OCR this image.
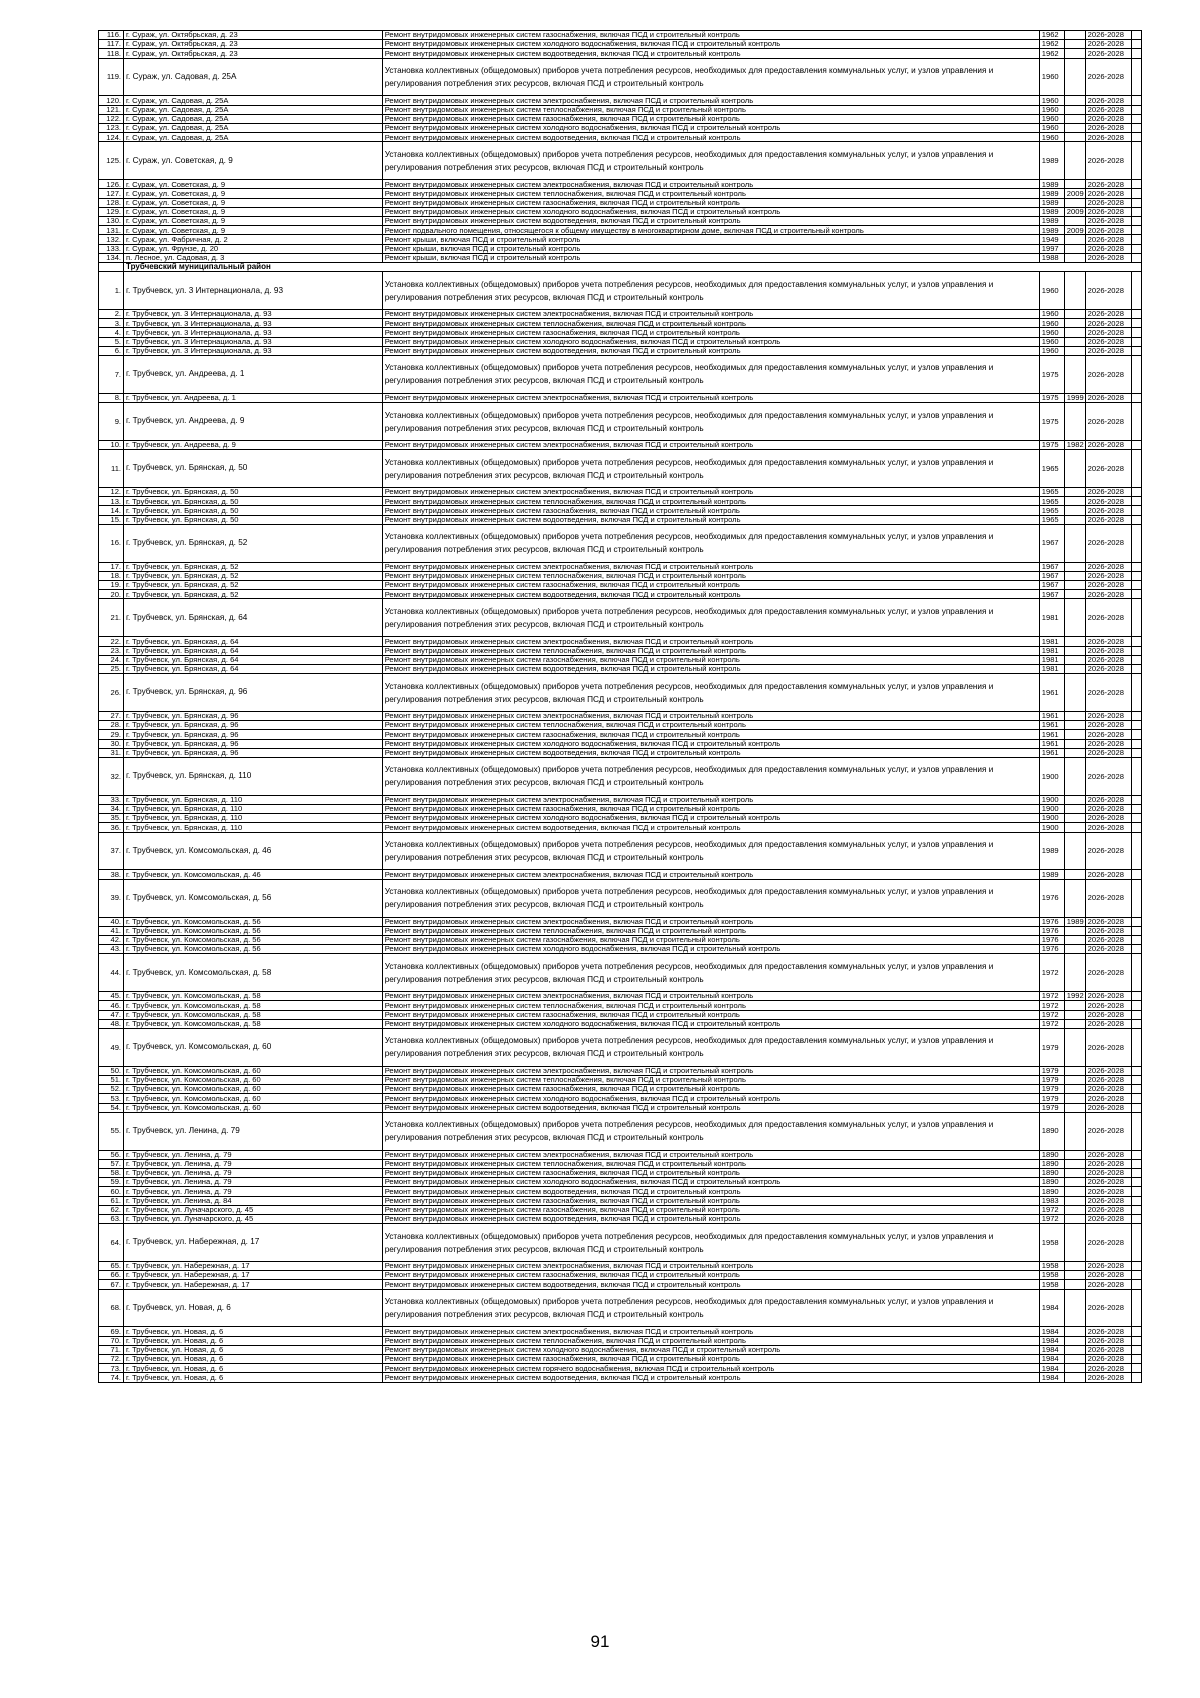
116.	г. Сураж, ул. Октябрьская, д. 23	Ремонт внутридомовых инженерных систем газоснабжения, включая ПСД и строительный контроль	1962		2026-2028	
117.	г. Сураж, ул. Октябрьская, д. 23	Ремонт внутридомовых инженерных систем холодного водоснабжения, включая ПСД и строительный контроль	1962		2026-2028	
118.	г. Сураж, ул. Октябрьская, д. 23	Ремонт внутридомовых инженерных систем водоотведения, включая ПСД и строительный контроль	1962		2026-2028	
119.	г. Сураж, ул. Садовая, д. 25А	Установка коллективных (общедомовых) приборов учета потребления ресурсов, необходимых для предоставления коммунальных услуг, и узлов управления и регулирования потребления этих ресурсов, включая ПСД и строительный контроль	1960		2026-2028	
120.	г. Сураж, ул. Садовая, д. 25А	Ремонт внутридомовых инженерных систем электроснабжения, включая ПСД и строительный контроль	1960		2026-2028	
121.	г. Сураж, ул. Садовая, д. 25А	Ремонт внутридомовых инженерных систем теплоснабжения, включая ПСД и строительный контроль	1960		2026-2028	
122.	г. Сураж, ул. Садовая, д. 25А	Ремонт внутридомовых инженерных систем газоснабжения, включая ПСД и строительный контроль	1960		2026-2028	
123.	г. Сураж, ул. Садовая, д. 25А	Ремонт внутридомовых инженерных систем холодного водоснабжения, включая ПСД и строительный контроль	1960		2026-2028	
124.	г. Сураж, ул. Садовая, д. 25А	Ремонт внутридомовых инженерных систем водоотведения, включая ПСД и строительный контроль	1960		2026-2028	
125.	г. Сураж, ул. Советская, д. 9	Установка коллективных (общедомовых) приборов учета потребления ресурсов, необходимых для предоставления коммунальных услуг, и узлов управления и регулирования потребления этих ресурсов, включая ПСД и строительный контроль	1989		2026-2028	
126.	г. Сураж, ул. Советская, д. 9	Ремонт внутридомовых инженерных систем электроснабжения, включая ПСД и строительный контроль	1989		2026-2028	
127.	г. Сураж, ул. Советская, д. 9	Ремонт внутридомовых инженерных систем теплоснабжения, включая ПСД и строительный контроль	1989	2009	2026-2028	
128.	г. Сураж, ул. Советская, д. 9	Ремонт внутридомовых инженерных систем газоснабжения, включая ПСД и строительный контроль	1989		2026-2028	
129.	г. Сураж, ул. Советская, д. 9	Ремонт внутридомовых инженерных систем холодного водоснабжения, включая ПСД и строительный контроль	1989	2009	2026-2028	
130.	г. Сураж, ул. Советская, д. 9	Ремонт внутридомовых инженерных систем водоотведения, включая ПСД и строительный контроль	1989		2026-2028	
131.	г. Сураж, ул. Советская, д. 9	Ремонт подвального помещения, относящегося к общему имуществу в многоквартирном доме, включая ПСД и строительный контроль	1989	2009	2026-2028	
132.	г. Сураж, ул. Фабричная, д. 2	Ремонт крыши, включая ПСД и строительный контроль	1949		2026-2028	
133.	г. Сураж, ул. Фрунзе, д. 20	Ремонт крыши, включая ПСД и строительный контроль	1997		2026-2028	
134.	п. Лесное, ул. Садовая, д. 3	Ремонт крыши, включая ПСД и строительный контроль	1988		2026-2028	
	Трубчевский муниципальный район					
1.	г. Трубчевск, ул. 3 Интернационала, д. 93	Установка коллективных (общедомовых) приборов учета потребления ресурсов, необходимых для предоставления коммунальных услуг, и узлов управления и регулирования потребления этих ресурсов, включая ПСД и строительный контроль	1960		2026-2028	
2.	г. Трубчевск, ул. 3 Интернационала, д. 93	Ремонт внутридомовых инженерных систем электроснабжения, включая ПСД и строительный контроль	1960		2026-2028	
3.	г. Трубчевск, ул. 3 Интернационала, д. 93	Ремонт внутридомовых инженерных систем теплоснабжения, включая ПСД и строительный контроль	1960		2026-2028	
4.	г. Трубчевск, ул. 3 Интернационала, д. 93	Ремонт внутридомовых инженерных систем газоснабжения, включая ПСД и строительный контроль	1960		2026-2028	
5.	г. Трубчевск, ул. 3 Интернационала, д. 93	Ремонт внутридомовых инженерных систем холодного водоснабжения, включая ПСД и строительный контроль	1960		2026-2028	
6.	г. Трубчевск, ул. 3 Интернационала, д. 93	Ремонт внутридомовых инженерных систем водоотведения, включая ПСД и строительный контроль	1960		2026-2028	
7.	г. Трубчевск, ул. Андреева, д. 1	Установка коллективных (общедомовых) приборов учета потребления ресурсов, необходимых для предоставления коммунальных услуг, и узлов управления и регулирования потребления этих ресурсов, включая ПСД и строительный контроль	1975		2026-2028	
8.	г. Трубчевск, ул. Андреева, д. 1	Ремонт внутридомовых инженерных систем электроснабжения, включая ПСД и строительный контроль	1975	1999	2026-2028	
9.	г. Трубчевск, ул. Андреева, д. 9	Установка коллективных (общедомовых) приборов учета потребления ресурсов, необходимых для предоставления коммунальных услуг, и узлов управления и регулирования потребления этих ресурсов, включая ПСД и строительный контроль	1975		2026-2028	
10.	г. Трубчевск, ул. Андреева, д. 9	Ремонт внутридомовых инженерных систем электроснабжения, включая ПСД и строительный контроль	1975	1982	2026-2028	
11.	г. Трубчевск, ул. Брянская, д. 50	Установка коллективных (общедомовых) приборов учета потребления ресурсов, необходимых для предоставления коммунальных услуг, и узлов управления и регулирования потребления этих ресурсов, включая ПСД и строительный контроль	1965		2026-2028	
12.	г. Трубчевск, ул. Брянская, д. 50	Ремонт внутридомовых инженерных систем электроснабжения, включая ПСД и строительный контроль	1965		2026-2028	
13.	г. Трубчевск, ул. Брянская, д. 50	Ремонт внутридомовых инженерных систем теплоснабжения, включая ПСД и строительный контроль	1965		2026-2028	
14.	г. Трубчевск, ул. Брянская, д. 50	Ремонт внутридомовых инженерных систем газоснабжения, включая ПСД и строительный контроль	1965		2026-2028	
15.	г. Трубчевск, ул. Брянская, д. 50	Ремонт внутридомовых инженерных систем водоотведения, включая ПСД и строительный контроль	1965		2026-2028	
16.	г. Трубчевск, ул. Брянская, д. 52	Установка коллективных (общедомовых) приборов учета потребления ресурсов, необходимых для предоставления коммунальных услуг, и узлов управления и регулирования потребления этих ресурсов, включая ПСД и строительный контроль	1967		2026-2028	
17.	г. Трубчевск, ул. Брянская, д. 52	Ремонт внутридомовых инженерных систем электроснабжения, включая ПСД и строительный контроль	1967		2026-2028	
18.	г. Трубчевск, ул. Брянская, д. 52	Ремонт внутридомовых инженерных систем теплоснабжения, включая ПСД и строительный контроль	1967		2026-2028	
19.	г. Трубчевск, ул. Брянская, д. 52	Ремонт внутридомовых инженерных систем газоснабжения, включая ПСД и строительный контроль	1967		2026-2028	
20.	г. Трубчевск, ул. Брянская, д. 52	Ремонт внутридомовых инженерных систем водоотведения, включая ПСД и строительный контроль	1967		2026-2028	
21.	г. Трубчевск, ул. Брянская, д. 64	Установка коллективных (общедомовых) приборов учета потребления ресурсов, необходимых для предоставления коммунальных услуг, и узлов управления и регулирования потребления этих ресурсов, включая ПСД и строительный контроль	1981		2026-2028	
22.	г. Трубчевск, ул. Брянская, д. 64	Ремонт внутридомовых инженерных систем электроснабжения, включая ПСД и строительный контроль	1981		2026-2028	
23.	г. Трубчевск, ул. Брянская, д. 64	Ремонт внутридомовых инженерных систем теплоснабжения, включая ПСД и строительный контроль	1981		2026-2028	
24.	г. Трубчевск, ул. Брянская, д. 64	Ремонт внутридомовых инженерных систем газоснабжения, включая ПСД и строительный контроль	1981		2026-2028	
25.	г. Трубчевск, ул. Брянская, д. 64	Ремонт внутридомовых инженерных систем водоотведения, включая ПСД и строительный контроль	1981		2026-2028	
26.	г. Трубчевск, ул. Брянская, д. 96	Установка коллективных (общедомовых) приборов учета потребления ресурсов, необходимых для предоставления коммунальных услуг, и узлов управления и регулирования потребления этих ресурсов, включая ПСД и строительный контроль	1961		2026-2028	
27.	г. Трубчевск, ул. Брянская, д. 96	Ремонт внутридомовых инженерных систем электроснабжения, включая ПСД и строительный контроль	1961		2026-2028	
28.	г. Трубчевск, ул. Брянская, д. 96	Ремонт внутридомовых инженерных систем теплоснабжения, включая ПСД и строительный контроль	1961		2026-2028	
29.	г. Трубчевск, ул. Брянская, д. 96	Ремонт внутридомовых инженерных систем газоснабжения, включая ПСД и строительный контроль	1961		2026-2028	
30.	г. Трубчевск, ул. Брянская, д. 96	Ремонт внутридомовых инженерных систем холодного водоснабжения, включая ПСД и строительный контроль	1961		2026-2028	
31.	г. Трубчевск, ул. Брянская, д. 96	Ремонт внутридомовых инженерных систем водоотведения, включая ПСД и строительный контроль	1961		2026-2028	
32.	г. Трубчевск, ул. Брянская, д. 110	Установка коллективных (общедомовых) приборов учета потребления ресурсов, необходимых для предоставления коммунальных услуг, и узлов управления и регулирования потребления этих ресурсов, включая ПСД и строительный контроль	1900		2026-2028	
33.	г. Трубчевск, ул. Брянская, д. 110	Ремонт внутридомовых инженерных систем электроснабжения, включая ПСД и строительный контроль	1900		2026-2028	
34.	г. Трубчевск, ул. Брянская, д. 110	Ремонт внутридомовых инженерных систем газоснабжения, включая ПСД и строительный контроль	1900		2026-2028	
35.	г. Трубчевск, ул. Брянская, д. 110	Ремонт внутридомовых инженерных систем холодного водоснабжения, включая ПСД и строительный контроль	1900		2026-2028	
36.	г. Трубчевск, ул. Брянская, д. 110	Ремонт внутридомовых инженерных систем водоотведения, включая ПСД и строительный контроль	1900		2026-2028	
37.	г. Трубчевск, ул. Комсомольская, д. 46	Установка коллективных (общедомовых) приборов учета потребления ресурсов, необходимых для предоставления коммунальных услуг, и узлов управления и регулирования потребления этих ресурсов, включая ПСД и строительный контроль	1989		2026-2028	
38.	г. Трубчевск, ул. Комсомольская, д. 46	Ремонт внутридомовых инженерных систем электроснабжения, включая ПСД и строительный контроль	1989		2026-2028	
39.	г. Трубчевск, ул. Комсомольская, д. 56	Установка коллективных (общедомовых) приборов учета потребления ресурсов, необходимых для предоставления коммунальных услуг, и узлов управления и регулирования потребления этих ресурсов, включая ПСД и строительный контроль	1976		2026-2028	
40.	г. Трубчевск, ул. Комсомольская, д. 56	Ремонт внутридомовых инженерных систем электроснабжения, включая ПСД и строительный контроль	1976	1989	2026-2028	
41.	г. Трубчевск, ул. Комсомольская, д. 56	Ремонт внутридомовых инженерных систем теплоснабжения, включая ПСД и строительный контроль	1976		2026-2028	
42.	г. Трубчевск, ул. Комсомольская, д. 56	Ремонт внутридомовых инженерных систем газоснабжения, включая ПСД и строительный контроль	1976		2026-2028	
43.	г. Трубчевск, ул. Комсомольская, д. 56	Ремонт внутридомовых инженерных систем холодного водоснабжения, включая ПСД и строительный контроль	1976		2026-2028	
44.	г. Трубчевск, ул. Комсомольская, д. 58	Установка коллективных (общедомовых) приборов учета потребления ресурсов, необходимых для предоставления коммунальных услуг, и узлов управления и регулирования потребления этих ресурсов, включая ПСД и строительный контроль	1972		2026-2028	
45.	г. Трубчевск, ул. Комсомольская, д. 58	Ремонт внутридомовых инженерных систем электроснабжения, включая ПСД и строительный контроль	1972	1992	2026-2028	
46.	г. Трубчевск, ул. Комсомольская, д. 58	Ремонт внутридомовых инженерных систем теплоснабжения, включая ПСД и строительный контроль	1972		2026-2028	
47.	г. Трубчевск, ул. Комсомольская, д. 58	Ремонт внутридомовых инженерных систем газоснабжения, включая ПСД и строительный контроль	1972		2026-2028	
48.	г. Трубчевск, ул. Комсомольская, д. 58	Ремонт внутридомовых инженерных систем холодного водоснабжения, включая ПСД и строительный контроль	1972		2026-2028	
49.	г. Трубчевск, ул. Комсомольская, д. 60	Установка коллективных (общедомовых) приборов учета потребления ресурсов, необходимых для предоставления коммунальных услуг, и узлов управления и регулирования потребления этих ресурсов, включая ПСД и строительный контроль	1979		2026-2028	
50.	г. Трубчевск, ул. Комсомольская, д. 60	Ремонт внутридомовых инженерных систем электроснабжения, включая ПСД и строительный контроль	1979		2026-2028	
51.	г. Трубчевск, ул. Комсомольская, д. 60	Ремонт внутридомовых инженерных систем теплоснабжения, включая ПСД и строительный контроль	1979		2026-2028	
52.	г. Трубчевск, ул. Комсомольская, д. 60	Ремонт внутридомовых инженерных систем газоснабжения, включая ПСД и строительный контроль	1979		2026-2028	
53.	г. Трубчевск, ул. Комсомольская, д. 60	Ремонт внутридомовых инженерных систем холодного водоснабжения, включая ПСД и строительный контроль	1979		2026-2028	
54.	г. Трубчевск, ул. Комсомольская, д. 60	Ремонт внутридомовых инженерных систем водоотведения, включая ПСД и строительный контроль	1979		2026-2028	
55.	г. Трубчевск, ул. Ленина, д. 79	Установка коллективных (общедомовых) приборов учета потребления ресурсов, необходимых для предоставления коммунальных услуг, и узлов управления и регулирования потребления этих ресурсов, включая ПСД и строительный контроль	1890		2026-2028	
56.	г. Трубчевск, ул. Ленина, д. 79	Ремонт внутридомовых инженерных систем электроснабжения, включая ПСД и строительный контроль	1890		2026-2028	
57.	г. Трубчевск, ул. Ленина, д. 79	Ремонт внутридомовых инженерных систем теплоснабжения, включая ПСД и строительный контроль	1890		2026-2028	
58.	г. Трубчевск, ул. Ленина, д. 79	Ремонт внутридомовых инженерных систем газоснабжения, включая ПСД и строительный контроль	1890		2026-2028	
59.	г. Трубчевск, ул. Ленина, д. 79	Ремонт внутридомовых инженерных систем холодного водоснабжения, включая ПСД и строительный контроль	1890		2026-2028	
60.	г. Трубчевск, ул. Ленина, д. 79	Ремонт внутридомовых инженерных систем водоотведения, включая ПСД и строительный контроль	1890		2026-2028	
61.	г. Трубчевск, ул. Ленина, д. 84	Ремонт внутридомовых инженерных систем газоснабжения, включая ПСД и строительный контроль	1983		2026-2028	
62.	г. Трубчевск, ул. Луначарского, д. 45	Ремонт внутридомовых инженерных систем газоснабжения, включая ПСД и строительный контроль	1972		2026-2028	
63.	г. Трубчевск, ул. Луначарского, д. 45	Ремонт внутридомовых инженерных систем водоотведения, включая ПСД и строительный контроль	1972		2026-2028	
64.	г. Трубчевск, ул. Набережная, д. 17	Установка коллективных (общедомовых) приборов учета потребления ресурсов, необходимых для предоставления коммунальных услуг, и узлов управления и регулирования потребления этих ресурсов, включая ПСД и строительный контроль	1958		2026-2028	
65.	г. Трубчевск, ул. Набережная, д. 17	Ремонт внутридомовых инженерных систем электроснабжения, включая ПСД и строительный контроль	1958		2026-2028	
66.	г. Трубчевск, ул. Набережная, д. 17	Ремонт внутридомовых инженерных систем газоснабжения, включая ПСД и строительный контроль	1958		2026-2028	
67.	г. Трубчевск, ул. Набережная, д. 17	Ремонт внутридомовых инженерных систем водоотведения, включая ПСД и строительный контроль	1958		2026-2028	
68.	г. Трубчевск, ул. Новая, д. 6	Установка коллективных (общедомовых) приборов учета потребления ресурсов, необходимых для предоставления коммунальных услуг, и узлов управления и регулирования потребления этих ресурсов, включая ПСД и строительный контроль	1984		2026-2028	
69.	г. Трубчевск, ул. Новая, д. 6	Ремонт внутридомовых инженерных систем электроснабжения, включая ПСД и строительный контроль	1984		2026-2028	
70.	г. Трубчевск, ул. Новая, д. 6	Ремонт внутридомовых инженерных систем теплоснабжения, включая ПСД и строительный контроль	1984		2026-2028	
71.	г. Трубчевск, ул. Новая, д. 6	Ремонт внутридомовых инженерных систем холодного водоснабжения, включая ПСД и строительный контроль	1984		2026-2028	
72.	г. Трубчевск, ул. Новая, д. 6	Ремонт внутридомовых инженерных систем газоснабжения, включая ПСД и строительный контроль	1984		2026-2028	
73.	г. Трубчевск, ул. Новая, д. 6	Ремонт внутридомовых инженерных систем горячего водоснабжения, включая ПСД и строительный контроль	1984		2026-2028	
74.	г. Трубчевск, ул. Новая, д. 6	Ремонт внутридомовых инженерных систем водоотведения, включая ПСД и строительный контроль	1984		2026-2028	
91
